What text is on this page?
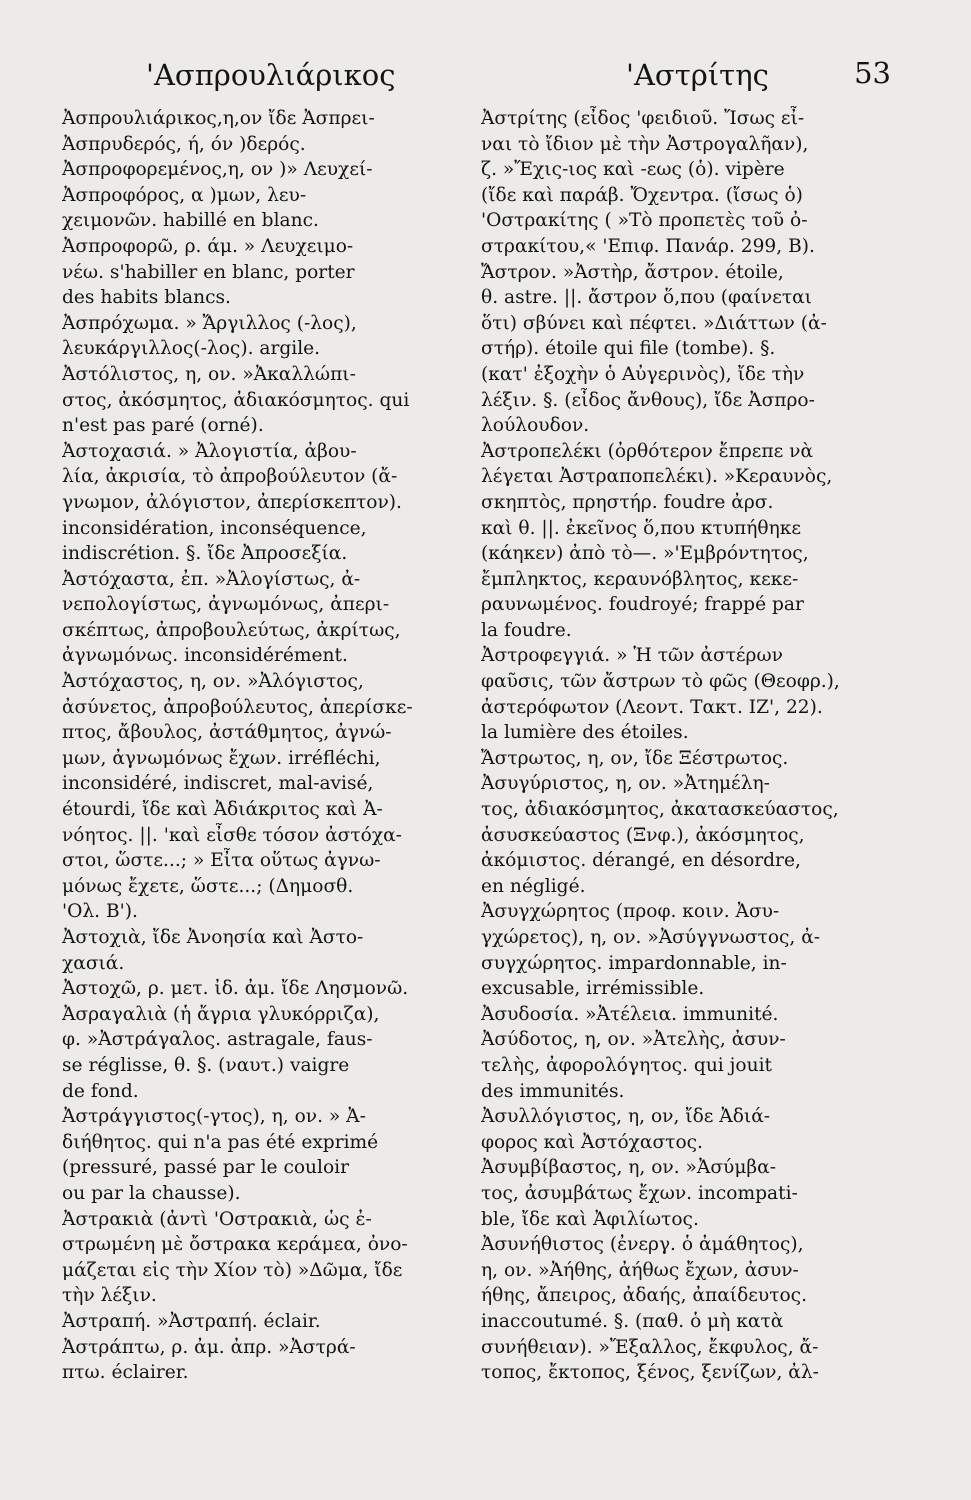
'Ασπρουλιάρικος	'Αστρίτης	53
Ἀσπρουλιάρικος,η,ον ἴδε Ἀσπρει-
Ἀσπρυδερός, ή, όν )δερός.
Ἀσπροφορεμένος,η, ον )» Λευχεί-
Ἀσπροφόρος, α )μων, λευ-
χειμονῶν. habillé en blanc.
Ἀσπροφορῶ, ρ. άμ. » Λευχειμο-
νέω. s'habiller en blanc, porter
des habits blancs.
Ἀσπρόχωμα. » Ἄργιλλος (-λος),
λευκάργιλλος(-λος). argile.
Ἀστόλιστος, η, ον. »Ἀκαλλώπι-
στος, ἀκόσμητος, ἀδιακόσμητος. qui
n'est pas paré (orné).
Ἀστοχασιά. » Ἀλογιστία, ἀβου-
λία, ἀκρισία, τὸ ἀπροβούλευτον (ἄ-
γνωμον, ἀλόγιστον, ἀπερίσκεπτον).
inconsidération, inconséquence,
indiscrétion. §. ἴδε Ἀπροσεξία.
Ἀστόχαστα, ἐπ. »Ἀλογίστως, ἀ-
νεπολογίστως, ἀγνωμόνως, ἀπερι-
σκέπτως, ἀπροβουλεύτως, ἀκρίτως,
ἀγνωμόνως. inconsidérément.
Ἀστόχαστος, η, ον. »Ἀλόγιστος,
ἀσύνετος, ἀπροβούλευτος, ἀπερίσκε-
πτος, ἄβουλος, ἀστάθμητος, ἀγνώ-
μων, ἀγνωμόνως ἔχων. irréfléchi,
inconsidéré, indiscret, mal-avisé,
étourdi, ἴδε καὶ Ἀδιάκριτος καὶ Ἀ-
νόητος. ||. 'καὶ εἶσθε τόσον ἀστόχα-
στοι, ὥστε...; » Εἶτα οὕτως ἀγνω-
μόνως ἔχετε, ὥστε...; (Δημοσθ.
'Ολ. Β').
Ἀστοχιὰ, ἴδε Ἀνοησία καὶ Ἀστο-
χασιά.
Ἀστοχῶ, ρ. μετ. ἰδ. ἀμ. ἴδε Λησμονῶ.
Ἀσραγαλιὰ (ἡ ἄγρια γλυκόρριζα),
φ. »Ἀστράγαλος. astragale, faus-
se réglisse, θ. §. (ναυτ.) vaigre
de fond.
Ἀστράγγιστος(-γτος), η, ον. » Ἀ-
διήθητος. qui n'a pas été exprimé
(pressuré, passé par le couloir
ou par la chausse).
Ἀστρακιὰ (ἀντὶ 'Οστρακιὰ, ὡς ἐ-
στρωμένη μὲ ὄστρακα κεράμεα, ὀνο-
μάζεται εἰς τὴν Χίον τὸ) »Δῶμα, ἴδε
τὴν λέξιν.
Ἀστραπή. »Ἀστραπή. éclair.
Ἀστράπτω, ρ. ἀμ. ἀπρ. »Ἀστρά-
πτω. éclairer.
Ἀστρίτης (εἶδος 'φειδιοῦ. Ἴσως εἶ-
ναι τὸ ἴδιον μὲ τὴν Ἀστρογαλῆαν),
ζ. »Ἔχις-ιος καὶ -εως (ὁ). vipère
(ἴδε καὶ παράβ. Ὄχεντρα. (ἴσως ὁ)
'Οστρακίτης ( »Τὸ προπετὲς τοῦ ὀ-
στρακίτου,« 'Επιφ. Πανάρ. 299, Β).
Ἄστρον. »Ἀστὴρ, ἄστρον. étoile,
θ. astre. ||. ἄστρον ὅ,που (φαίνεται
ὅτι) σβύνει καὶ πέφτει. »Διάττων (ἀ-
στήρ). étoile qui file (tombe). §.
(κατ' ἐξοχὴν ὁ Αὐγερινὸς), ἴδε τὴν
λέξιν. §. (εἶδος ἄνθους), ἴδε Ἀσπρο-
λούλουδον.
Ἀστροπελέκι (ὀρθότερον ἔπρεπε νὰ
λέγεται Ἀστραποπελέκι). »Κεραυνὸς,
σκηπτὸς, πρηστήρ. foudre ἀρσ.
καὶ θ. ||. ἐκεῖνος ὅ,που κτυπήθηκε
(κάηκεν) ἀπὸ τὸ—. »'Εμβρόντητος,
ἔμπληκτος, κεραυνόβλητος, κεκε-
ραυνωμένος. foudroyé; frappé par
la foudre.
Ἀστροφεγγιά. » Ἡ τῶν ἀστέρων
φαῦσις, τῶν ἄστρων τὸ φῶς (Θεοφρ.),
ἀστερόφωτον (Λεοντ. Τακτ. ΙΖ', 22).
la lumière des étoiles.
Ἄστρωτος, η, ον, ἴδε Ξέστρωτος.
Ἀσυγύριστος, η, ον. »Ἀτημέλη-
τος, ἀδιακόσμητος, ἀκατασκεύαστος,
ἀσυσκεύαστος (Ξνφ.), ἀκόσμητος,
ἀκόμιστος. dérangé, en désordre,
en négligé.
Ἀσυγχώρητος (προφ. κοιν. Ἀσυ-
γχώρετος), η, ον. »Ἀσύγγνωστος, ἀ-
συγχώρητος. impardonnable, in-
excusable, irrémissible.
Ἀσυδοσία. »Ἀτέλεια. immunité.
Ἀσύδοτος, η, ον. »Ἀτελὴς, ἀσυν-
τελὴς, ἀφορολόγητος. qui jouit
des immunités.
Ἀσυλλόγιστος, η, ον, ἴδε Ἀδιά-
φορος καὶ Ἀστόχαστος.
Ἀσυμβίβαστος, η, ον. »Ἀσύμβα-
τος, ἀσυμβάτως ἔχων. incompati-
ble, ἴδε καὶ Ἀφιλίωτος.
Ἀσυνήθιστος (ἐνεργ. ὁ ἀμάθητος),
η, ον. »Ἀήθης, ἀήθως ἔχων, ἀσυν-
ήθης, ἄπειρος, ἀδαής, ἀπαίδευτος.
inaccoutumé. §. (παθ. ὁ μὴ κατὰ
συνήθειαν). »Ἔξαλλος, ἔκφυλος, ἄ-
τοπος, ἔκτοπος, ξένος, ξενίζων, ἀλ-
